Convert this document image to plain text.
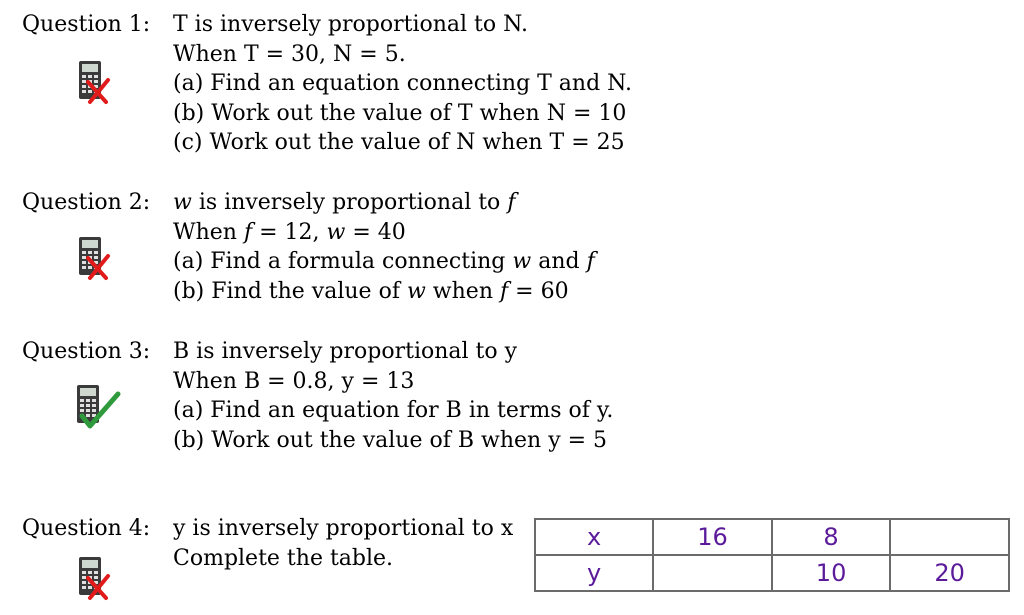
Question 1: T is inversely proportional to N.
When T = 30, N = 5.
(a) Find an equation connecting T and N.
(b) Work out the value of T when N = 10
(c) Work out the value of N when T = 25
Question 2: w is inversely proportional to f
When f = 12, w = 40
(a) Find a formula connecting w and f
(b) Find the value of w when f = 60
Question 3: B is inversely proportional to y
When B = 0.8, y = 13
(a) Find an equation for B in terms of y.
(b) Work out the value of B when y = 5
Question 4: y is inversely proportional to x
Complete the table.
x	16	8	
y		10	20
